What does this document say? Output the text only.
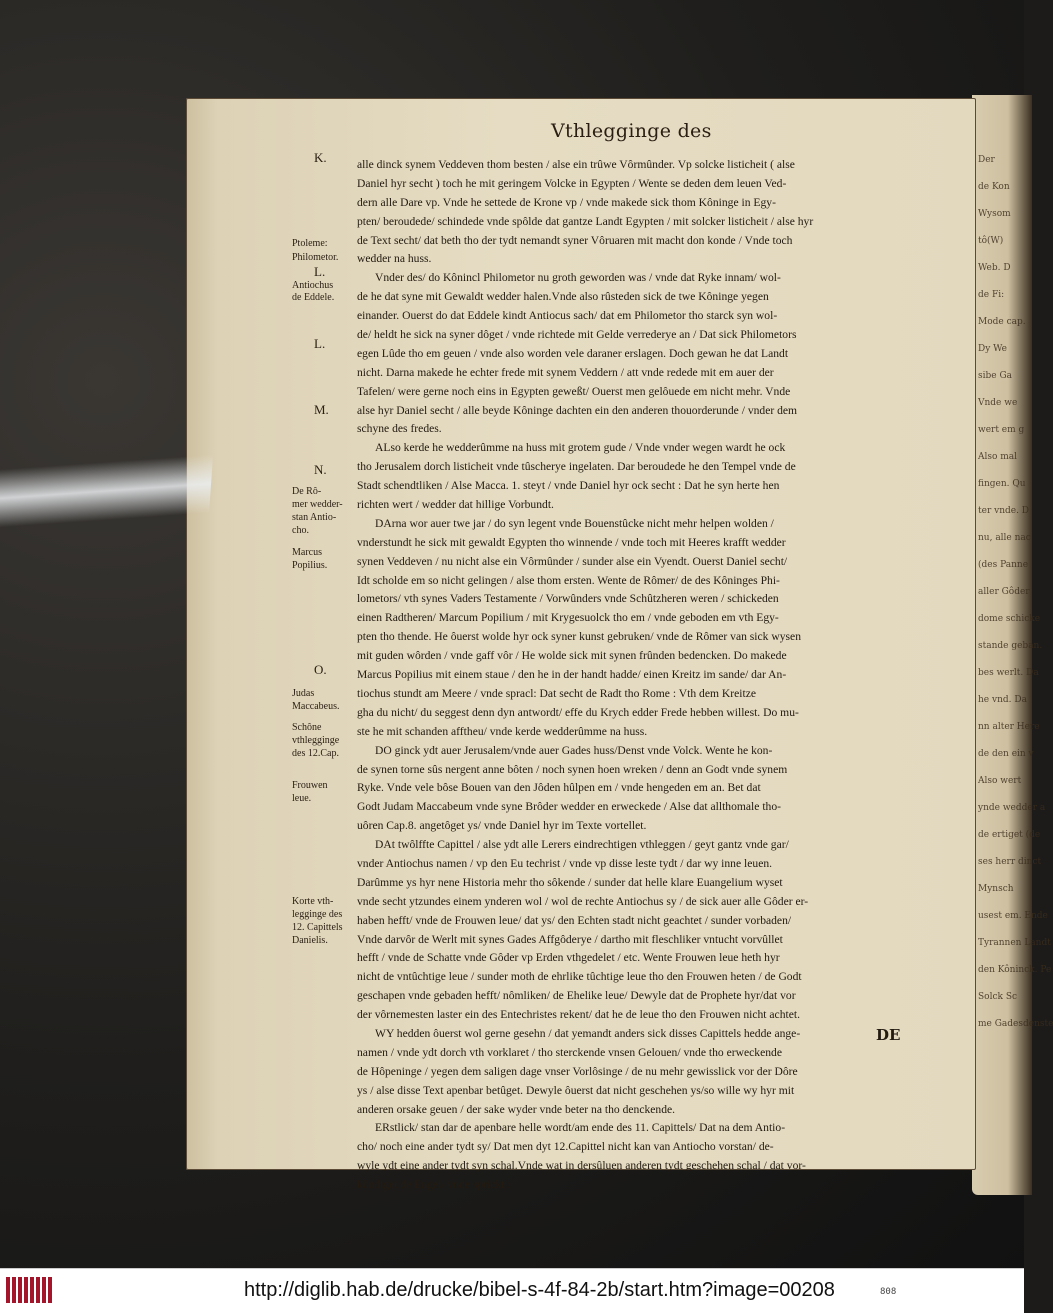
Der
de Kon
Wysom
tô(W)
Web. D
de Fi:
Mode cap.
Dy We
sibe Ga
Vnde we
wert em g
Also mal
fingen. Qu
ter vnde. D
nu, alle nac
(des Panne
aller Gôder
dome schicke
stande geban.
bes werlt. Da
he vnd. Da
nn alter Here
de den ein v
Also wert
ynde wedder a
de ertiget (de
ses herr dinct
Mynsch
usest em. Ende
Tyrannen Landt
den Kôninck. Pe
Solck Sc
me Gadesdenste
Vthlegginge des
K.
Ptoleme:
Philometor.
L.
Antiochus
de Eddele.
L.
M.
N.
De Rô-
mer wedder-
stan Antio-
cho.
Marcus
Popilius.
O.
Judas
Maccabeus.
Schône
vthlegginge
des 12.Cap.
Frouwen
leue.
Korte vth-
legginge des
12. Capittels
Danielis.
alle dinck synem Veddeven thom besten / alse ein trûwe Vôrmûnder. Vp solcke listicheit ( alse
Daniel hyr secht ) toch he mit geringem Volcke in Egypten / Wente se deden dem leuen Ved-
dern alle Dare vp. Vnde he settede de Krone vp / vnde makede sick thom Kôninge in Egy-
pten/ beroudede/ schindede vnde spôlde dat gantze Landt Egypten / mit solcker listicheit / alse hyr
de Text secht/ dat beth tho der tydt nemandt syner Vôruaren mit macht don konde / Vnde toch
wedder na huss.
Vnder des/ do Kônincl Philometor nu groth geworden was / vnde dat Ryke innam/ wol-
de he dat syne mit Gewaldt wedder halen.Vnde also rûsteden sick de twe Kôninge yegen
einander. Ouerst do dat Eddele kindt Antiocus sach/ dat em Philometor tho starck syn wol-
de/ heldt he sick na syner dôget / vnde richtede mit Gelde verrederye an / Dat sick Philometors
egen Lûde tho em geuen / vnde also worden vele daraner erslagen. Doch gewan he dat Landt
nicht. Darna makede he echter frede mit synem Veddern / att vnde redede mit em auer der
Tafelen/ were gerne noch eins in Egypten geweßt/ Ouerst men gelôuede em nicht mehr. Vnde
alse hyr Daniel secht / alle beyde Kôninge dachten ein den anderen thouorderunde / vnder dem
schyne des fredes.
ALso kerde he wedderûmme na huss mit grotem gude / Vnde vnder wegen wardt he ock
tho Jerusalem dorch listicheit vnde tûscherye ingelaten. Dar beroudede he den Tempel vnde de
Stadt schendtliken / Alse Macca. 1. steyt / vnde Daniel hyr ock secht : Dat he syn herte hen
richten wert / wedder dat hillige Vorbundt.
DArna wor auer twe jar / do syn legent vnde Bouenstûcke nicht mehr helpen wolden /
vnderstundt he sick mit gewaldt Egypten tho winnende / vnde toch mit Heeres krafft wedder
synen Veddeven / nu nicht alse ein Vôrmûnder / sunder alse ein Vyendt. Ouerst Daniel secht/
Idt scholde em so nicht gelingen / alse thom ersten. Wente de Rômer/ de des Kôninges Phi-
lometors/ vth synes Vaders Testamente / Vorwûnders vnde Schûtzheren weren / schickeden
einen Radtheren/ Marcum Popilium / mit Krygesuolck tho em / vnde geboden em vth Egy-
pten tho thende. He ôuerst wolde hyr ock syner kunst gebruken/ vnde de Rômer van sick wysen
mit guden wôrden / vnde gaff vôr / He wolde sick mit synen frûnden bedencken. Do makede
Marcus Popilius mit einem staue / den he in der handt hadde/ einen Kreitz im sande/ dar An-
tiochus stundt am Meere / vnde spracl: Dat secht de Radt tho Rome : Vth dem Kreitze
gha du nicht/ du seggest denn dyn antwordt/ effe du Krych edder Frede hebben willest. Do mu-
ste he mit schanden afftheu/ vnde kerde wedderûmme na huss.
DO ginck ydt auer Jerusalem/vnde auer Gades huss/Denst vnde Volck. Wente he kon-
de synen torne sûs nergent anne bôten / noch synen hoen wreken / denn an Godt vnde synem
Ryke. Vnde vele bôse Bouen van den Jôden hûlpen em / vnde hengeden em an. Bet dat
Godt Judam Maccabeum vnde syne Brôder wedder en erweckede / Alse dat allthomale tho-
uôren Cap.8. angetôget ys/ vnde Daniel hyr im Texte vortellet.
DAt twôlffte Capittel / alse ydt alle Lerers eindrechtigen vthleggen / geyt gantz vnde gar/
vnder Antiochus namen / vp den Eu techrist / vnde vp disse leste tydt / dar wy inne leuen.
Darûmme ys hyr nene Historia mehr tho sôkende / sunder dat helle klare Euangelium wyset
vnde secht ytzundes einem ynderen wol / wol de rechte Antiochus sy / de sick auer alle Gôder er-
haben hefft/ vnde de Frouwen leue/ dat ys/ den Echten stadt nicht geachtet / sunder vorbaden/
Vnde darvôr de Werlt mit synes Gades Affgôderye / dartho mit fleschliker vntucht vorvûllet
hefft / vnde de Schatte vnde Gôder vp Erden vthgedelet / etc. Wente Frouwen leue heth hyr
nicht de vntûchtige leue / sunder moth de ehrlike tûchtige leue tho den Frouwen heten / de Godt
geschapen vnde gebaden hefft/ nômliken/ de Ehelike leue/ Dewyle dat de Prophete hyr/dat vor
der vôrnemesten laster ein des Entechristes rekent/ dat he de leue tho den Frouwen nicht achtet.
WY hedden ôuerst wol gerne gesehn / dat yemandt anders sick disses Capittels hedde ange-
namen / vnde ydt dorch vth vorklaret / tho sterckende vnsen Gelouen/ vnde tho erweckende
de Hôpeninge / yegen dem saligen dage vnser Vorlôsinge / de nu mehr gewisslick vor der Dôre
ys / alse disse Text apenbar betûget. Dewyle ôuerst dat nicht geschehen ys/so wille wy hyr mit
anderen orsake geuen / der sake wyder vnde beter na tho denckende.
ERstlick/ stan dar de apenbare helle wordt/am ende des 11. Capittels/ Dat na dem Antio-
cho/ noch eine ander tydt sy/ Dat men dyt 12.Capittel nicht kan van Antiocho vorstan/ de-
wyle ydt eine ander tydt syn schal.Vnde wat in dersûluen anderen tydt geschehen schal / dat vor-
kûndiget de Engel/ vnde sprickt :
DE
http://diglib.hab.de/drucke/bibel-s-4f-84-2b/start.htm?image=00208	808
